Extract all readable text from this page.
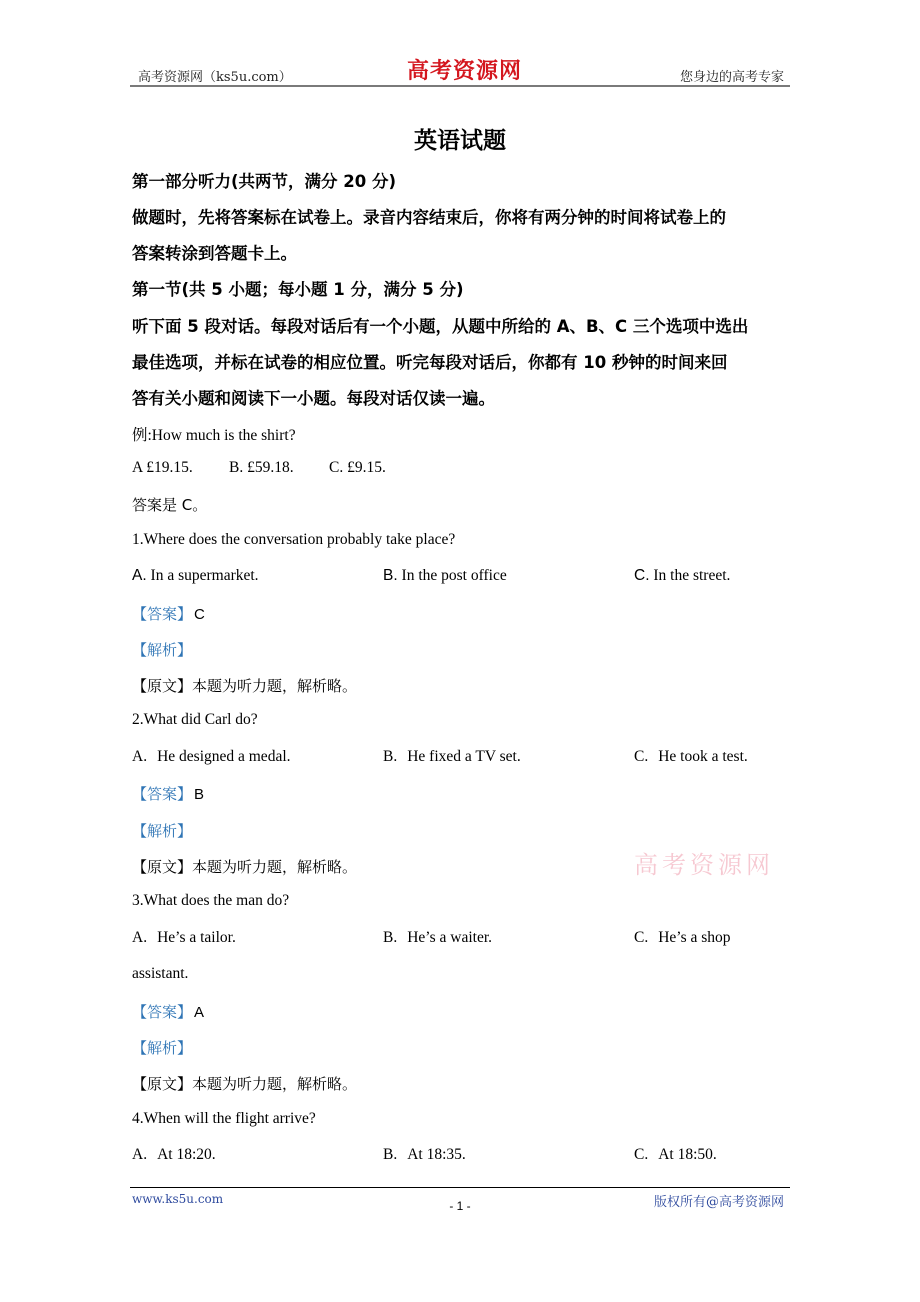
高考资源网（ks5u.com）	高考资源网	您身边的高考专家
英语试题
第一部分听力(共两节，满分 20 分)
做题时，先将答案标在试卷上。录音内容结束后，你将有两分钟的时间将试卷上的
答案转涂到答题卡上。
第一节(共 5 小题；每小题 1 分，满分 5 分)
听下面 5 段对话。每段对话后有一个小题，从题中所给的 A、B、C 三个选项中选出
最佳选项，并标在试卷的相应位置。听完每段对话后，你都有 10 秒钟的时间来回
答有关小题和阅读下一小题。每段对话仅读一遍。
例:How much is the shirt?
A £19.15. B. £59.18. C. £9.15.
答案是 C。
1.Where does the conversation probably take place?
A. In a supermarket.	B. In the post office	C. In the street.
【答案】 C
【解析】
【原文】本题为听力题，解析略。
2.What did Carl do?
A. He designed a medal.	B. He fixed a TV set.	C. He took a test.
【答案】 B
【解析】
【原文】本题为听力题，解析略。	高考资源网
3.What does the man do?
A. He’s a tailor.	B. He’s a waiter.	C. He’s a shop
assistant.
【答案】 A
【解析】
【原文】本题为听力题，解析略。
4.When will the flight arrive?
A. At 18:20.	B. At 18:35.	C. At 18:50.
www.ks5u.com	- 1 -	版权所有@高考资源网
